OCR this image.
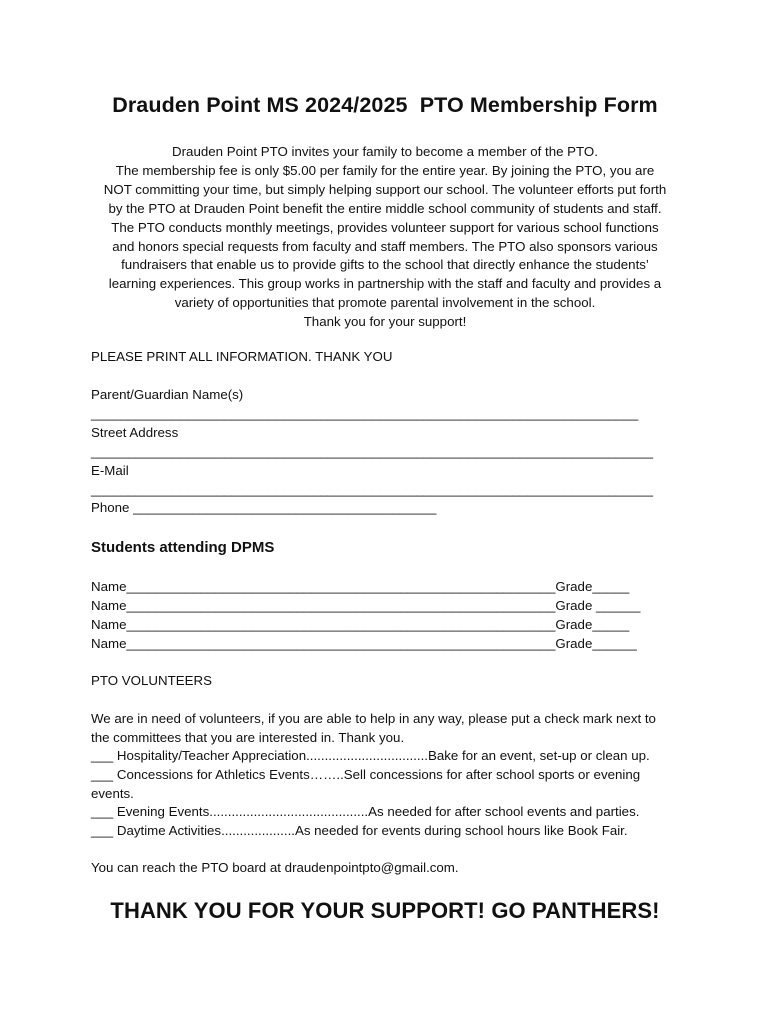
Drauden Point MS 2024/2025  PTO Membership Form
Drauden Point PTO invites your family to become a member of the PTO.
The membership fee is only $5.00 per family for the entire year. By joining the PTO, you are
NOT committing your time, but simply helping support our school. The volunteer efforts put forth
by the PTO at Drauden Point benefit the entire middle school community of students and staff.
The PTO conducts monthly meetings, provides volunteer support for various school functions
and honors special requests from faculty and staff members. The PTO also sponsors various
fundraisers that enable us to provide gifts to the school that directly enhance the students’
learning experiences. This group works in partnership with the staff and faculty and provides a
variety of opportunities that promote parental involvement in the school.
Thank you for your support!
PLEASE PRINT ALL INFORMATION. THANK YOU
Parent/Guardian Name(s)
__________________________________________________________________________
Street Address
____________________________________________________________________________
E-Mail
____________________________________________________________________________
Phone _________________________________________
Students attending DPMS
Name__________________________________________________________Grade_____
Name__________________________________________________________Grade ______
Name__________________________________________________________Grade_____
Name__________________________________________________________Grade______
PTO VOLUNTEERS
We are in need of volunteers, if you are able to help in any way, please put a check mark next to
the committees that you are interested in. Thank you.
___ Hospitality/Teacher Appreciation.................................Bake for an event, set-up or clean up.
___ Concessions for Athletics Events……..Sell concessions for after school sports or evening
events.
___ Evening Events...........................................As needed for after school events and parties.
___ Daytime Activities....................As needed for events during school hours like Book Fair.
You can reach the PTO board at draudenpointpto@gmail.com.
THANK YOU FOR YOUR SUPPORT! GO PANTHERS!
